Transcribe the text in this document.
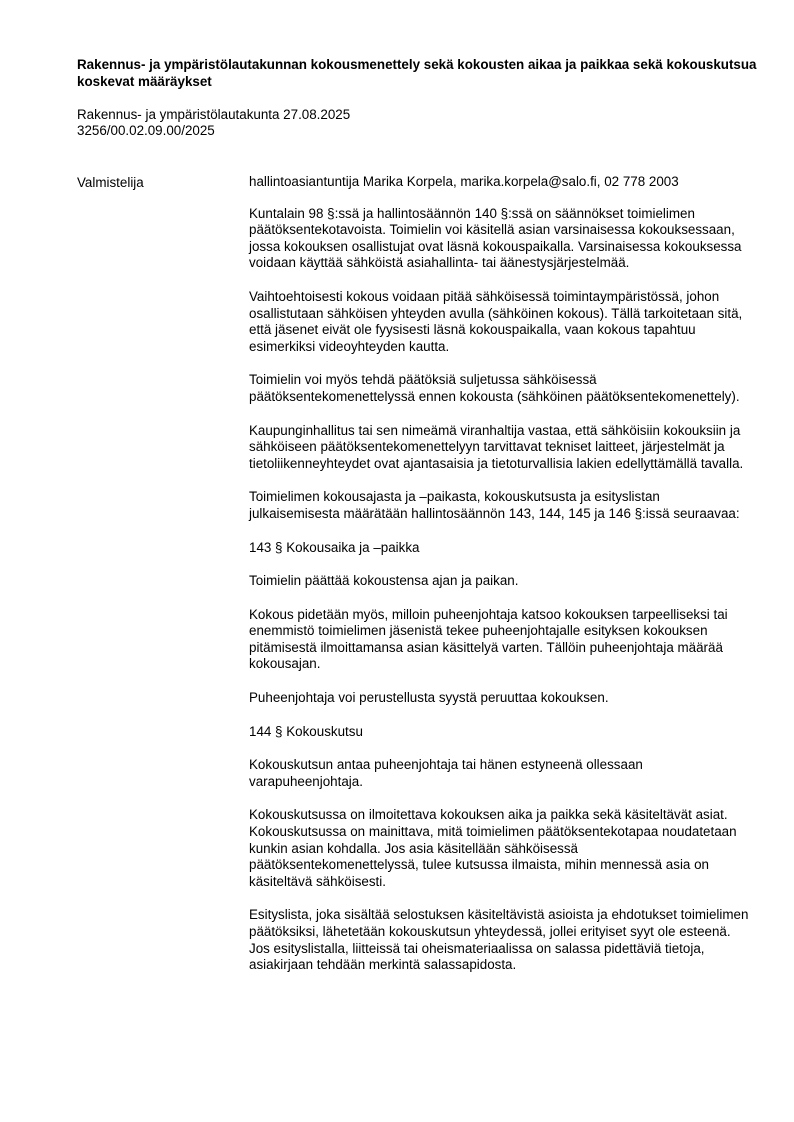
Rakennus- ja ympäristölautakunnan kokousmenettely sekä kokousten aikaa ja paikkaa sekä kokouskutsua koskevat määräykset
Rakennus- ja ympäristölautakunta 27.08.2025
3256/00.02.09.00/2025
Valmistelija	hallintoasiantuntija Marika Korpela, marika.korpela@salo.fi, 02 778 2003

Kuntalain 98 §:ssä ja hallintosäännön 140 §:ssä on säännökset toimielimen päätöksentekotavoista. Toimielin voi käsitellä asian varsinaisessa kokouksessaan, jossa kokouksen osallistujat ovat läsnä kokouspaikalla. Varsinaisessa kokouksessa voidaan käyttää sähköistä asiahallinta- tai äänestysjärjestelmää.

Vaihtoehtoisesti kokous voidaan pitää sähköisessä toimintaympäristössä, johon osallistutaan sähköisen yhteyden avulla (sähköinen kokous). Tällä tarkoitetaan sitä, että jäsenet eivät ole fyysisesti läsnä kokouspaikalla, vaan kokous tapahtuu esimerkiksi videoyhteyden kautta.

Toimielin voi myös tehdä päätöksiä suljetussa sähköisessä päätöksentekomenettelyssä ennen kokousta (sähköinen päätöksentekomenettely).

Kaupunginhallitus tai sen nimeämä viranhaltija vastaa, että sähköisiin kokouksiin ja sähköiseen päätöksentekomenettelyyn tarvittavat tekniset laitteet, järjestelmät ja tietoliikenneyhteydet ovat ajantasaisia ja tietoturvallisia lakien edellyttämällä tavalla.

Toimielimen kokousajasta ja –paikasta, kokouskutsusta ja esityslistan julkaisemisesta määrätään hallintosäännön 143, 144, 145 ja 146 §:issä seuraavaa:

143 § Kokousaika ja –paikka

Toimielin päättää kokoustensa ajan ja paikan.

Kokous pidetään myös, milloin puheenjohtaja katsoo kokouksen tarpeelliseksi tai enemmistö toimielimen jäsenistä tekee puheenjohtajalle esityksen kokouksen pitämisestä ilmoittamansa asian käsittelyä varten. Tällöin puheenjohtaja määrää kokousajan.

Puheenjohtaja voi perustellusta syystä peruuttaa kokouksen.

144 § Kokouskutsu

Kokouskutsun antaa puheenjohtaja tai hänen estyneenä ollessaan varapuheenjohtaja.

Kokouskutsussa on ilmoitettava kokouksen aika ja paikka sekä käsiteltävät asiat. Kokouskutsussa on mainittava, mitä toimielimen päätöksentekotapaa noudatetaan kunkin asian kohdalla. Jos asia käsitellään sähköisessä päätöksentekomenettelyssä, tulee kutsussa ilmaista, mihin mennessä asia on käsiteltävä sähköisesti.

Esityslista, joka sisältää selostuksen käsiteltävistä asioista ja ehdotukset toimielimen päätöksiksi, lähetetään kokouskutsun yhteydessä, jollei erityiset syyt ole esteenä. Jos esityslistalla, liitteissä tai oheismateriaalissa on salassa pidettäviä tietoja, asiakirjaan tehdään merkintä salassapidosta.
